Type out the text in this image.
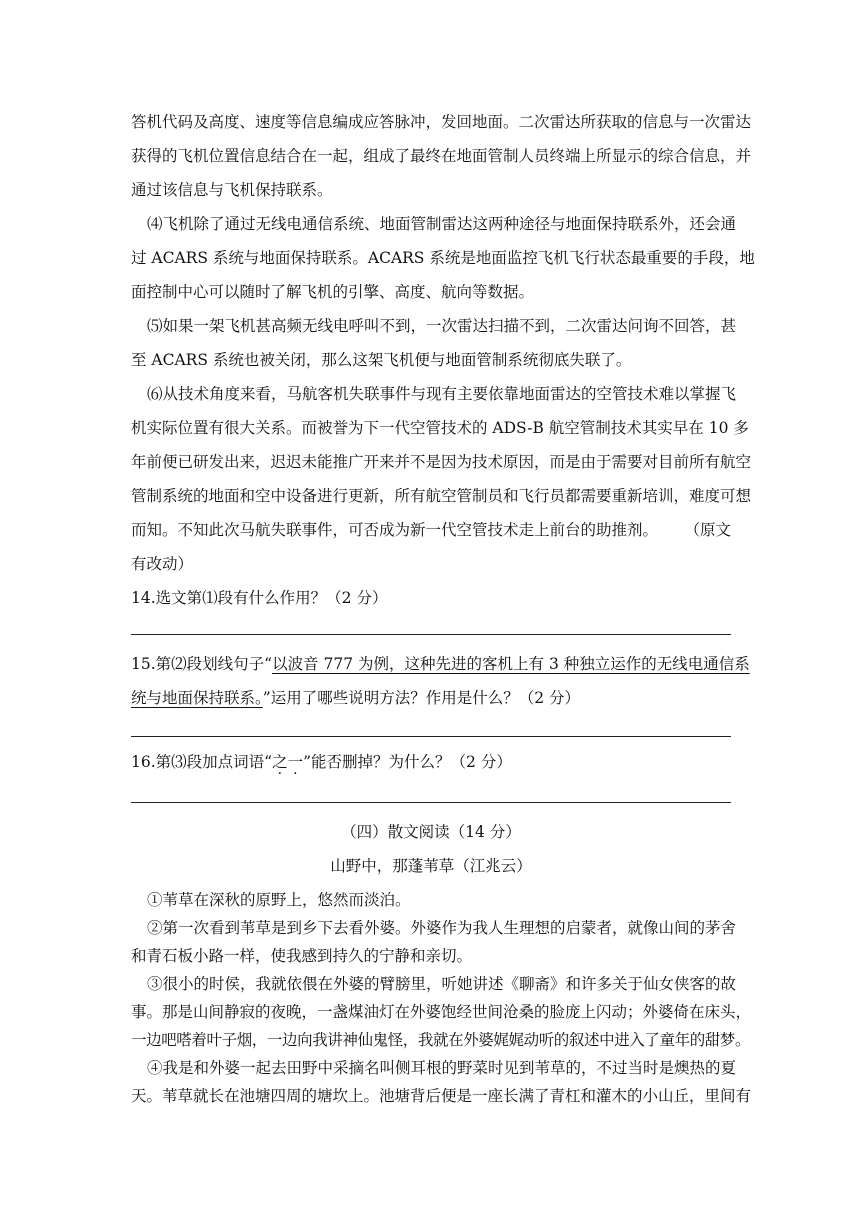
答机代码及高度、速度等信息编成应答脉冲，发回地面。二次雷达所获取的信息与一次雷达
获得的飞机位置信息结合在一起，组成了最终在地面管制人员终端上所显示的综合信息，并
通过该信息与飞机保持联系。
⑷飞机除了通过无线电通信系统、地面管制雷达这两种途径与地面保持联系外，还会通
过 ACARS 系统与地面保持联系。ACARS 系统是地面监控飞机飞行状态最重要的手段，地
面控制中心可以随时了解飞机的引擎、高度、航向等数据。
⑸如果一架飞机甚高频无线电呼叫不到，一次雷达扫描不到，二次雷达问询不回答，甚
至 ACARS 系统也被关闭，那么这架飞机便与地面管制系统彻底失联了。
⑹从技术角度来看，马航客机失联事件与现有主要依靠地面雷达的空管技术难以掌握飞
机实际位置有很大关系。而被誉为下一代空管技术的 ADS-B 航空管制技术其实早在 10 多
年前便已研发出来，迟迟未能推广开来并不是因为技术原因，而是由于需要对目前所有航空
管制系统的地面和空中设备进行更新，所有航空管制员和飞行员都需要重新培训，难度可想
而知。不知此次马航失联事件，可否成为新一代空管技术走上前台的助推剂。 （原文
有改动）
14.选文第⑴段有什么作用？（2 分）
15.第⑵段划线句子“以波音 777 为例，这种先进的客机上有 3 种独立运作的无线电通信系
统与地面保持联系。”运用了哪些说明方法？作用是什么？（2 分）
16.第⑶段加点词语“之一”能否删掉？为什么？（2 分）
（四）散文阅读（14 分）
山野中，那蓬苇草（江兆云）
①苇草在深秋的原野上，悠然而淡泊。
②第一次看到苇草是到乡下去看外婆。外婆作为我人生理想的启蒙者，就像山间的茅舍
和青石板小路一样，使我感到持久的宁静和亲切。
③很小的时侯，我就依偎在外婆的臂膀里，听她讲述《聊斋》和许多关于仙女侠客的故
事。那是山间静寂的夜晚，一盏煤油灯在外婆饱经世间沧桑的脸庞上闪动；外婆倚在床头，
一边吧嗒着叶子烟，一边向我讲神仙鬼怪，我就在外婆娓娓动听的叙述中进入了童年的甜梦。
④我是和外婆一起去田野中采摘名叫侧耳根的野菜时见到苇草的，不过当时是燠热的夏
天。苇草就长在池塘四周的塘坎上。池塘背后便是一座长满了青杠和灌木的小山丘，里间有
